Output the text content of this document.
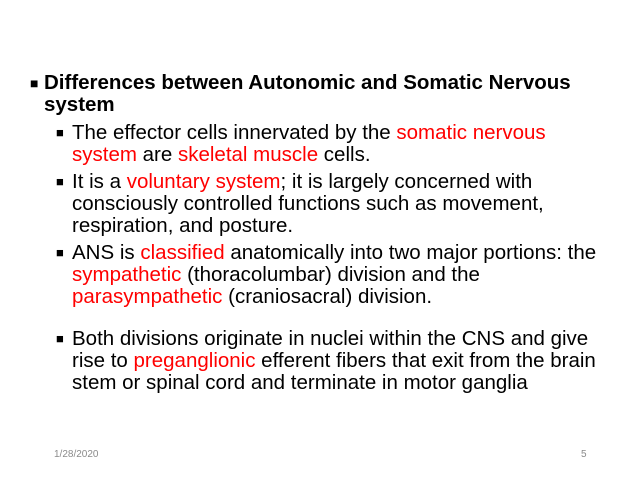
■ Differences between Autonomic and Somatic Nervous system
■ The effector cells innervated by the somatic nervous system are skeletal muscle cells.
■ It is a voluntary system; it is largely concerned with consciously controlled functions such as movement, respiration, and posture.
■ ANS is classified anatomically into two major portions: the sympathetic (thoracolumbar) division and the parasympathetic (craniosacral) division.
■ Both divisions originate in nuclei within the CNS and give rise to preganglionic efferent fibers that exit from the brain stem or spinal cord and terminate in motor ganglia
1/28/2020	5
